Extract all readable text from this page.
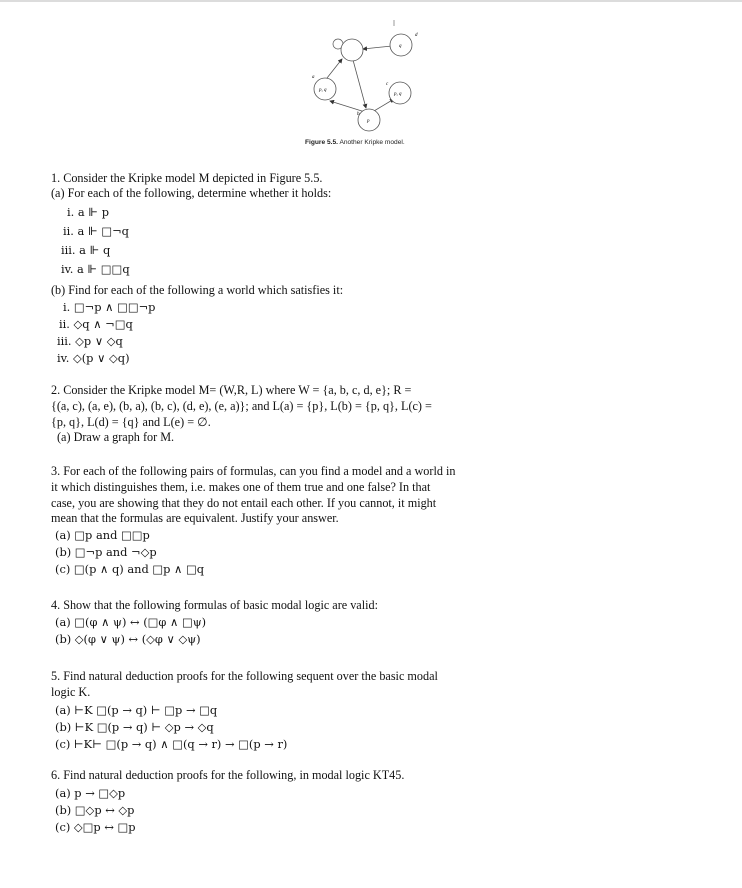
a
p, q
b
p
c
p, q
d
q
Figure 5.5. Another Kripke model.
1. Consider the Kripke model M depicted in Figure 5.5.
(a) For each of the following, determine whether it holds:
i. a ⊩ p
ii. a ⊩ □¬q
iii. a ⊩ q
iv. a ⊩ □□q
(b) Find for each of the following a world which satisfies it:
i. □¬p ∧ □□¬p
ii. ◇q ∧ ¬□q
iii. ◇p ∨ ◇q
iv. ◇(p ∨ ◇q)
2. Consider the Kripke model M= (W,R, L) where W = {a, b, c, d, e}; R =
{(a, c), (a, e), (b, a), (b, c), (d, e), (e, a)}; and L(a) = {p}, L(b) = {p, q}, L(c) =
{p, q}, L(d) = {q} and L(e) = ∅.
(a) Draw a graph for M.
3. For each of the following pairs of formulas, can you find a model and a world in
it which distinguishes them, i.e. makes one of them true and one false? In that
case, you are showing that they do not entail each other. If you cannot, it might
mean that the formulas are equivalent. Justify your answer.
(a) □p and □□p
(b) □¬p and ¬◇p
(c) □(p ∧ q) and □p ∧ □q
4. Show that the following formulas of basic modal logic are valid:
(a) □(φ ∧ ψ) ↔ (□φ ∧ □ψ)
(b) ◇(φ ∨ ψ) ↔ (◇φ ∨ ◇ψ)
5. Find natural deduction proofs for the following sequent over the basic modal
logic K.
(a) ⊢K □(p → q) ⊢ □p → □q
(b) ⊢K □(p → q) ⊢ ◇p → ◇q
(c) ⊢K⊢ □(p → q) ∧ □(q → r) → □(p → r)
6. Find natural deduction proofs for the following, in modal logic KT45.
(a) p → □◇p
(b) □◇p ↔ ◇p
(c) ◇□p ↔ □p
